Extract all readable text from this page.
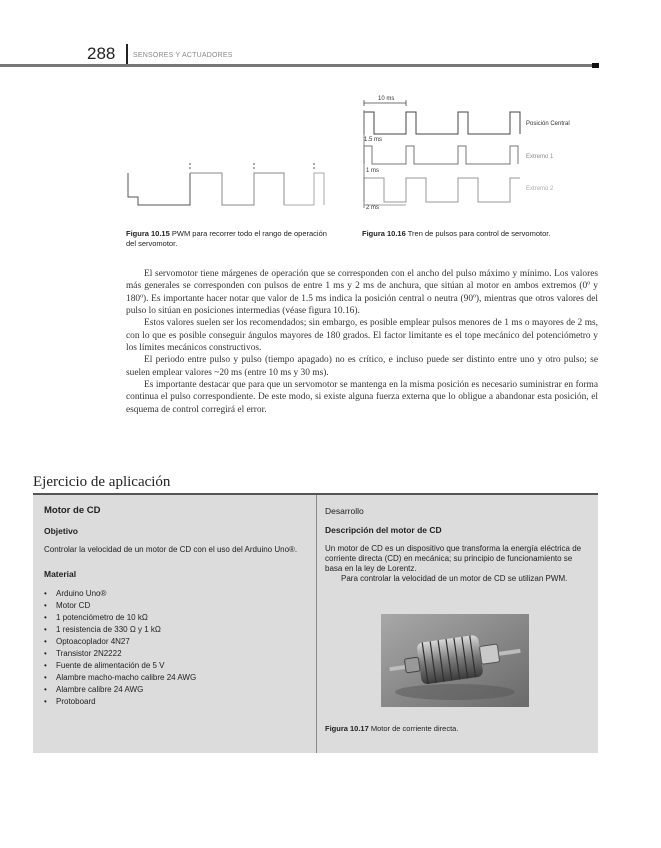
288	SENSORES Y ACTUADORES
Figura 10.15 PWM para recorrer todo el rango de operación del servomotor.
10 ms
1.5 ms
Posición Central
1 ms
Extremo 1
2 ms
Extremo 2
Figura 10.16 Tren de pulsos para control de servomotor.

El servomotor tiene márgenes de operación que se corresponden con el ancho del pulso máximo y mínimo. Los valores más generales se corresponden con pulsos de entre 1 ms y 2 ms de anchura, que sitúan al motor en ambos extremos (0º y 180º). Es importante hacer notar que valor de 1.5 ms indica la posición central o neutra (90º), mientras que otros valores del pulso lo sitúan en posiciones intermedias (véase figura 10.16).

Estos valores suelen ser los recomendados; sin embargo, es posible emplear pulsos menores de 1 ms o mayores de 2 ms, con lo que es posible conseguir ángulos mayores de 180 grados. El factor limitante es el tope mecánico del potenciómetro y los límites mecánicos constructivos.

El periodo entre pulso y pulso (tiempo apagado) no es crítico, e incluso puede ser distinto entre uno y otro pulso; se suelen emplear valores ~20 ms (entre 10 ms y 30 ms).

Es importante destacar que para que un servomotor se mantenga en la misma posición es necesario suministrar en forma continua el pulso correspondiente. De este modo, si existe alguna fuerza externa que lo obligue a abandonar esta posición, el esquema de control corregirá el error.

Ejercicio de aplicación
Motor de CD
Objetivo
Controlar la velocidad de un motor de CD con el uso del Arduino Uno®.
Material
• Arduino Uno®
• Motor CD
• 1 potenciómetro de 10 kΩ
• 1 resistencia de 330 Ω y 1 kΩ
• Optoacoplador 4N27
• Transistor 2N2222
• Fuente de alimentación de 5 V
• Alambre macho-macho calibre 24 AWG
• Alambre calibre 24 AWG
• Protoboard
Desarrollo
Descripción del motor de CD

Un motor de CD es un dispositivo que transforma la energía eléctrica de corriente directa (CD) en mecánica; su principio de funcionamiento se basa en la ley de Lorentz.

Para controlar la velocidad de un motor de CD se utilizan PWM.

Figura 10.17 Motor de corriente directa.
